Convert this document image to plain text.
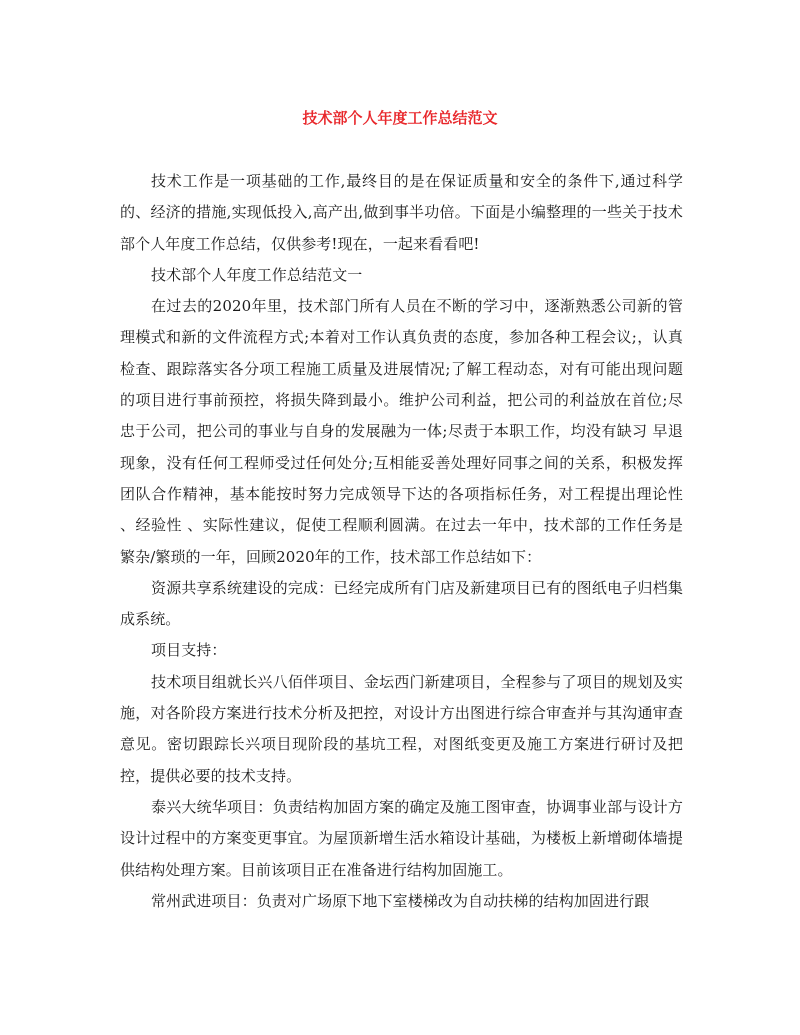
技术部个人年度工作总结范文

技术工作是一项基础的工作,最终目的是在保证质量和安全的条件下,通过科学的、经济的措施,实现低投入,高产出,做到事半功倍。下面是小编整理的一些关于技术部个人年度工作总结，仅供参考!现在，一起来看看吧!

技术部个人年度工作总结范文一

在过去的2020年里，技术部门所有人员在不断的学习中，逐渐熟悉公司新的管理模式和新的文件流程方式;本着对工作认真负责的态度，参加各种工程会议;，认真检查、跟踪落实各分项工程施工质量及进展情况;了解工程动态，对有可能出现问题的项目进行事前预控，将损失降到最小。维护公司利益，把公司的利益放在首位;尽忠于公司，把公司的事业与自身的发展融为一体;尽责于本职工作，均没有缺习 早退现象，没有任何工程师受过任何处分;互相能妥善处理好同事之间的关系，积极发挥团队合作精神，基本能按时努力完成领导下达的各项指标任务，对工程提出理论性 、经验性 、实际性建议，促使工程顺利圆满。在过去一年中，技术部的工作任务是繁杂/繁琐的一年，回顾2020年的工作，技术部工作总结如下：

资源共享系统建设的完成：已经完成所有门店及新建项目已有的图纸电子归档集成系统。

项目支持：

技术项目组就长兴八佰伴项目、金坛西门新建项目，全程参与了项目的规划及实施，对各阶段方案进行技术分析及把控，对设计方出图进行综合审查并与其沟通审查意见。密切跟踪长兴项目现阶段的基坑工程，对图纸变更及施工方案进行研讨及把控，提供必要的技术支持。

泰兴大统华项目：负责结构加固方案的确定及施工图审查，协调事业部与设计方设计过程中的方案变更事宜。为屋顶新增生活水箱设计基础，为楼板上新增砌体墙提供结构处理方案。目前该项目正在准备进行结构加固施工。

常州武进项目：负责对广场原下地下室楼梯改为自动扶梯的结构加固进行跟
